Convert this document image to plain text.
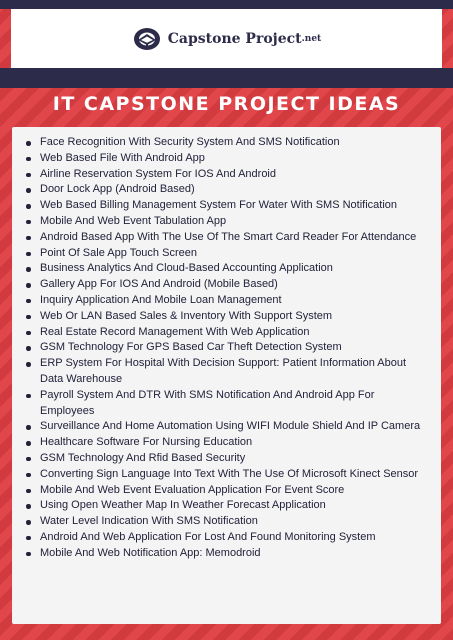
Capstone Project .net
IT CAPSTONE PROJECT IDEAS
Face Recognition With Security System And SMS Notification
Web Based File With Android App
Airline Reservation System For IOS And Android
Door Lock App (Android Based)
Web Based Billing Management System For Water With SMS Notification
Mobile And Web Event Tabulation App
Android Based App With The Use Of The Smart Card Reader For Attendance
Point Of Sale App Touch Screen
Business Analytics And Cloud-Based Accounting Application
Gallery App For IOS And Android (Mobile Based)
Inquiry Application And Mobile Loan Management
Web Or LAN Based Sales & Inventory With Support System
Real Estate Record Management With Web Application
GSM Technology For GPS Based Car Theft Detection System
ERP System For Hospital With Decision Support: Patient Information About Data Warehouse
Payroll System And DTR With SMS Notification And Android App For Employees
Surveillance And Home Automation Using WIFI Module Shield And IP Camera
Healthcare Software For Nursing Education
GSM Technology And Rfid Based Security
Converting Sign Language Into Text With The Use Of Microsoft Kinect Sensor
Mobile And Web Event Evaluation Application For Event Score
Using Open Weather Map In Weather Forecast Application
Water Level Indication With SMS Notification
Android And Web Application For Lost And Found Monitoring System
Mobile And Web Notification App: Memodroid
